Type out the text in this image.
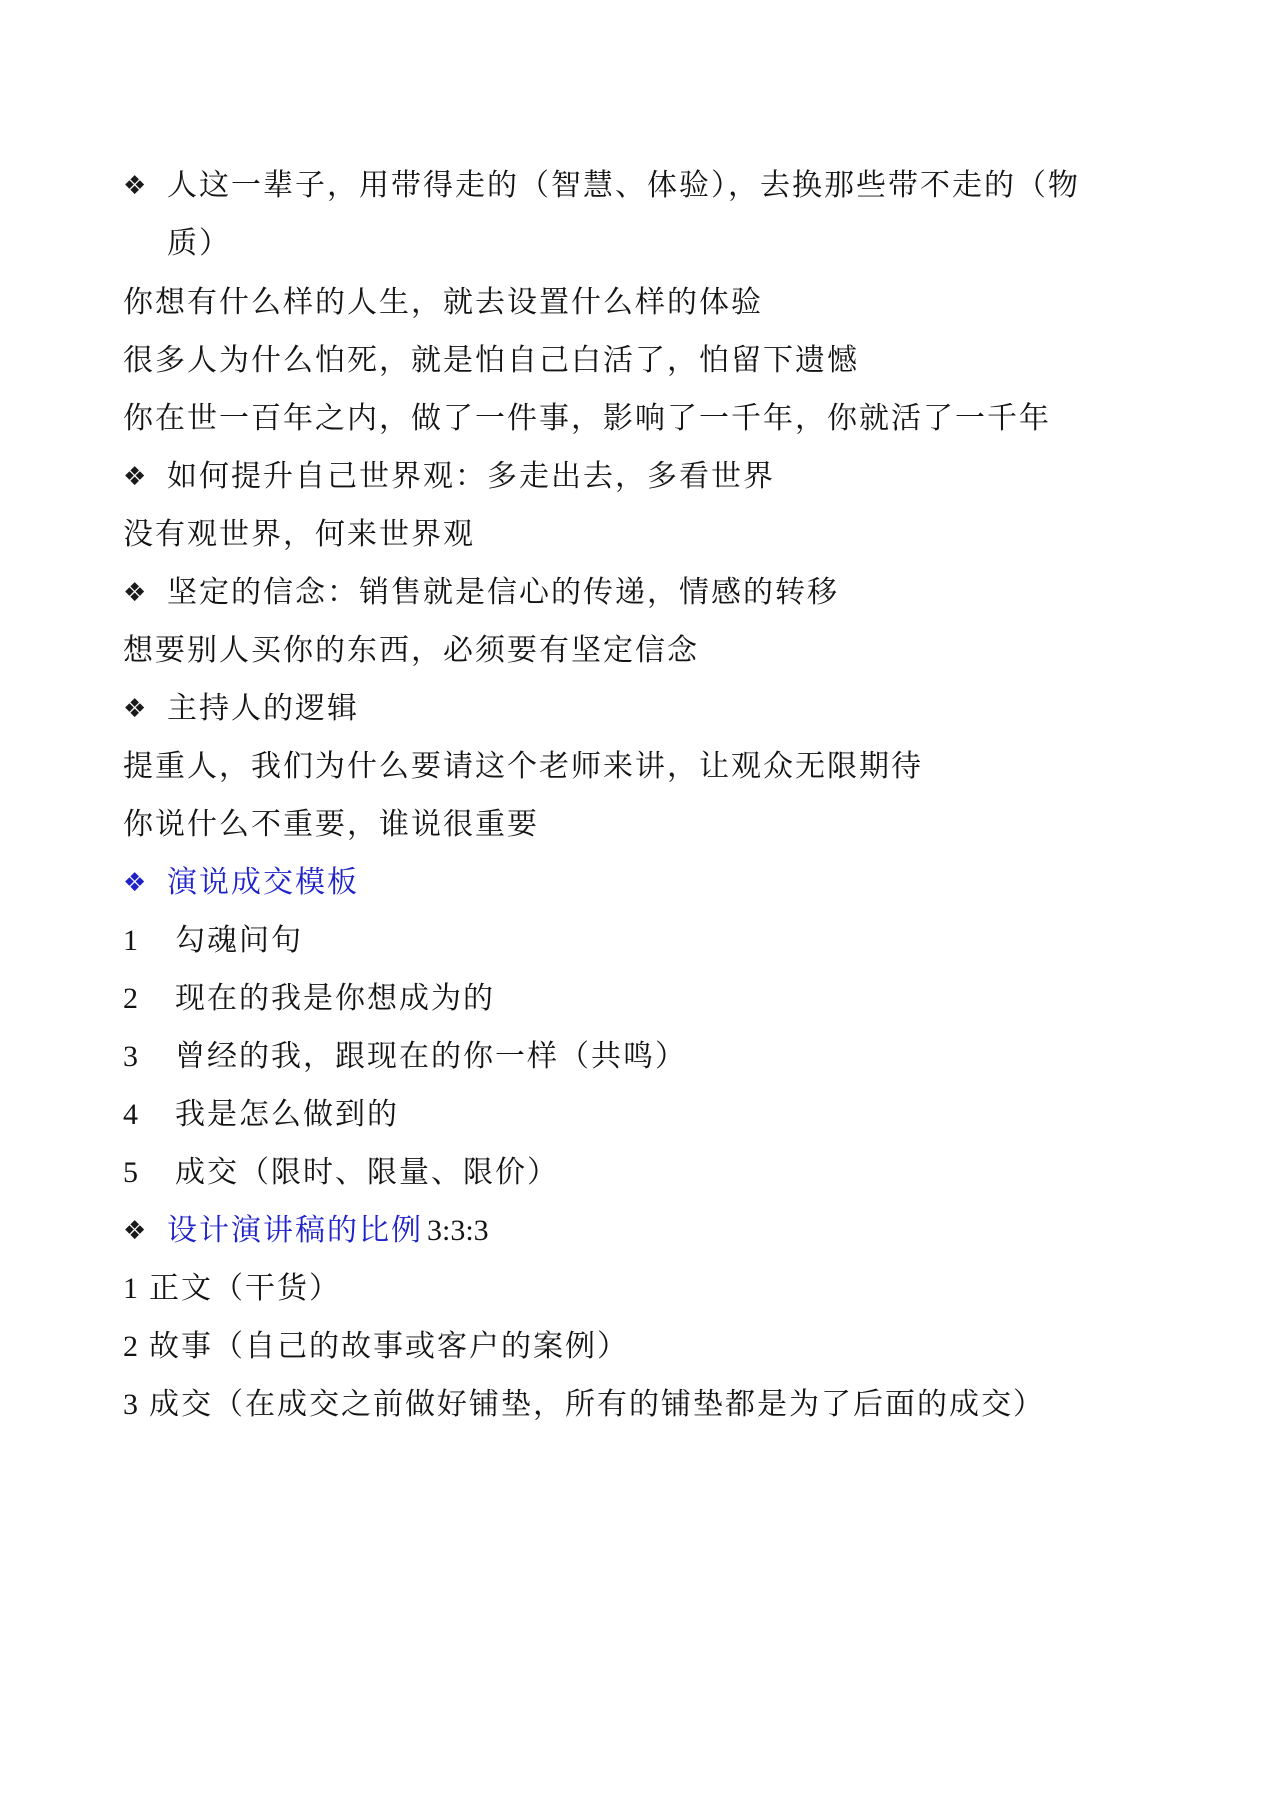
❖ 人这一辈子，用带得走的（智慧、体验），去换那些带不走的（物
质）
你想有什么样的人生，就去设置什么样的体验
很多人为什么怕死，就是怕自己白活了，怕留下遗憾
你在世一百年之内，做了一件事，影响了一千年，你就活了一千年
❖ 如何提升自己世界观：多走出去，多看世界
没有观世界，何来世界观
❖ 坚定的信念：销售就是信心的传递，情感的转移
想要别人买你的东西，必须要有坚定信念
❖ 主持人的逻辑
提重人，我们为什么要请这个老师来讲，让观众无限期待
你说什么不重要，谁说很重要
❖ 演说成交模板
1 勾魂问句
2 现在的我是你想成为的
3 曾经的我，跟现在的你一样（共鸣）
4 我是怎么做到的
5 成交（限时、限量、限价）
❖ 设计演讲稿的比例 3:3:3
1 正文（干货）
2 故事（自己的故事或客户的案例）
3 成交（在成交之前做好铺垫，所有的铺垫都是为了后面的成交）
